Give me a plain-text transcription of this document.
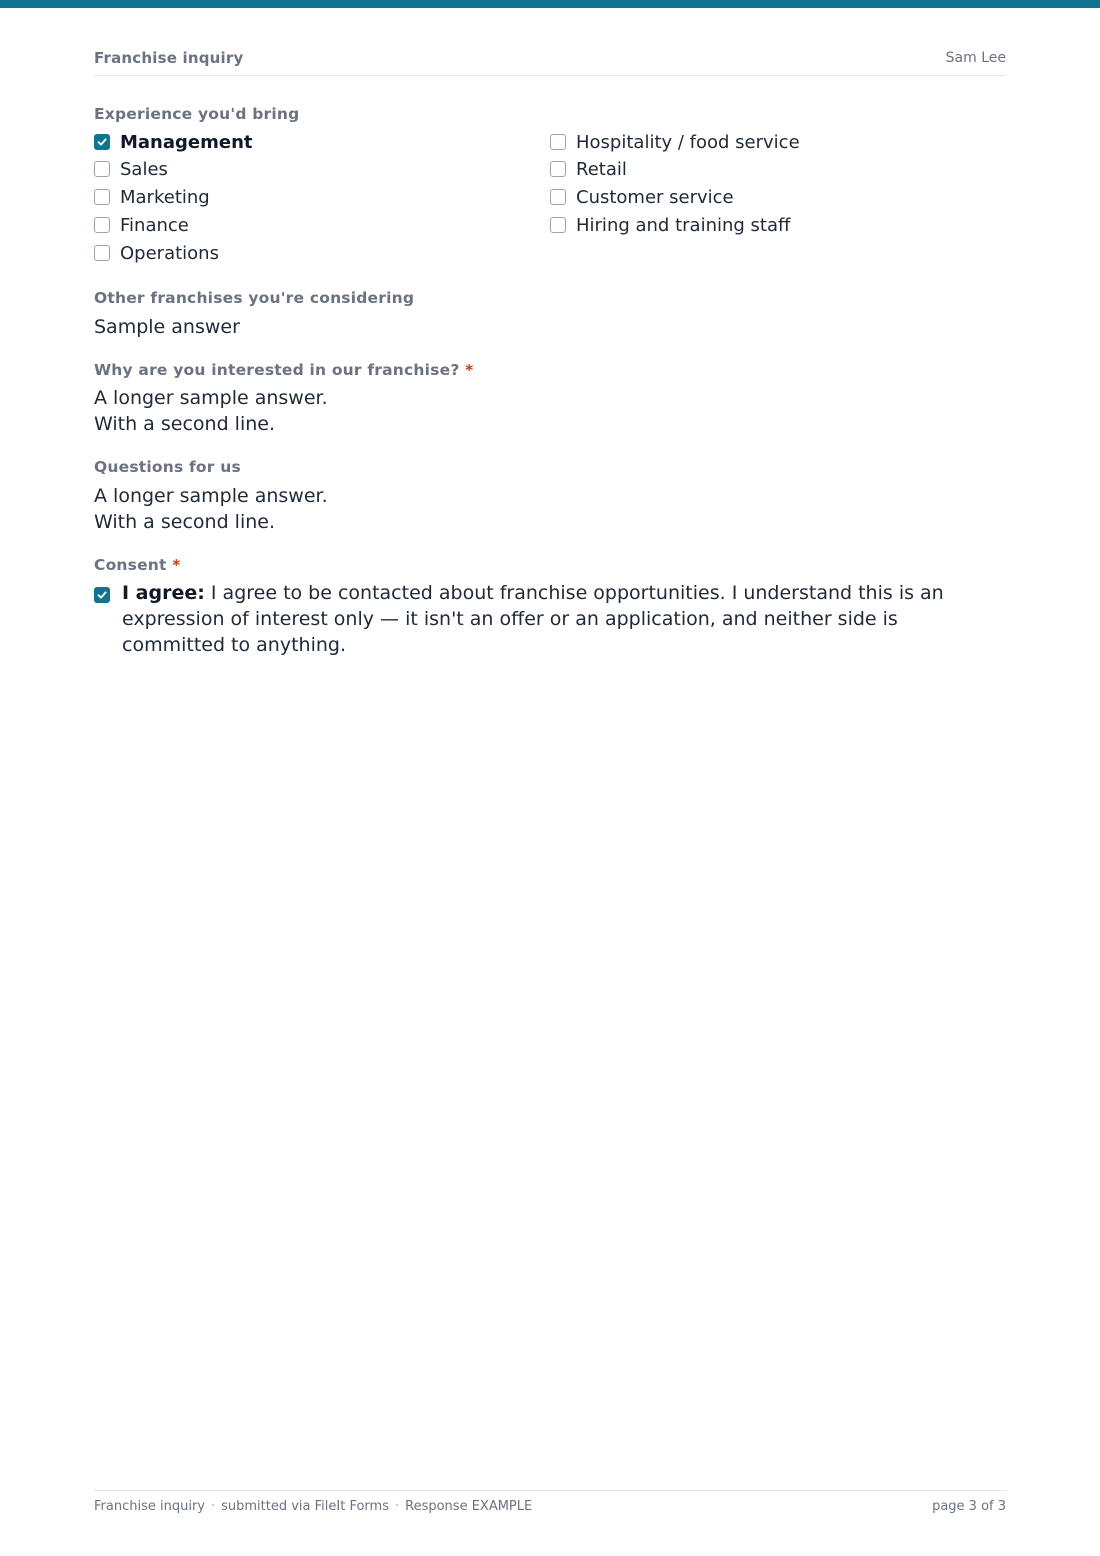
Franchise inquiry	Sam Lee
Experience you'd bring
Management
Sales
Marketing
Finance
Operations
Hospitality / food service
Retail
Customer service
Hiring and training staff
Other franchises you're considering
Sample answer
Why are you interested in our franchise? *
A longer sample answer.
With a second line.
Questions for us
A longer sample answer.
With a second line.
Consent *
I agree: I agree to be contacted about franchise opportunities. I understand this is an expression of interest only — it isn't an offer or an application, and neither side is committed to anything.
Franchise inquiry · submitted via FileIt Forms · Response EXAMPLE	page 3 of 3
